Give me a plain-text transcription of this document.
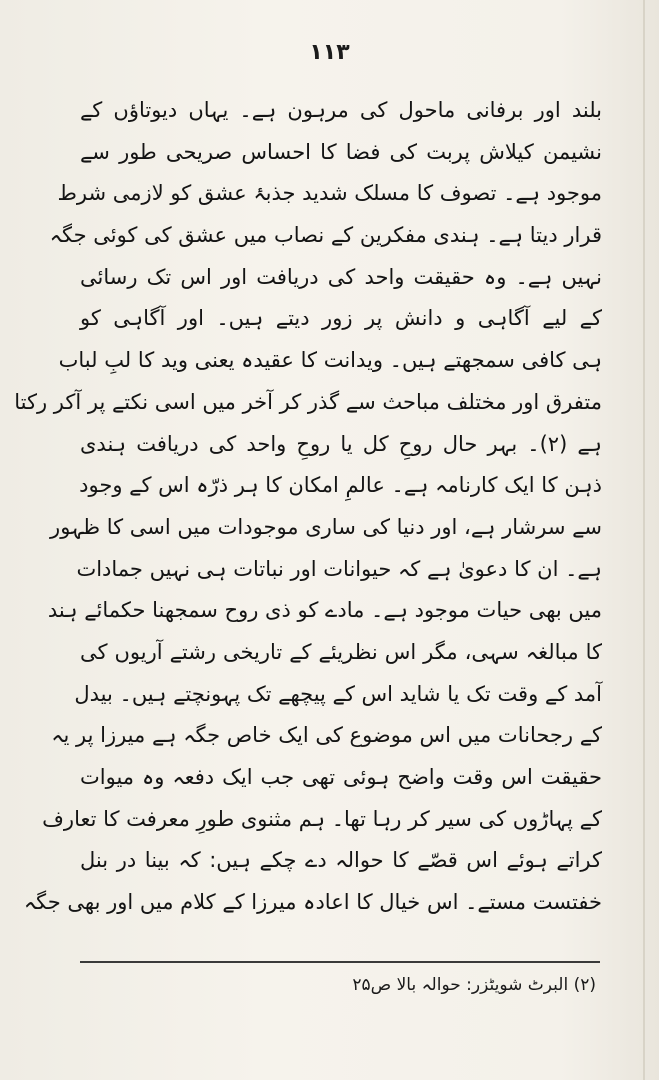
١١٣
بلند اور برفانی ماحول کی مرہون ہے۔ یہاں دیوتاؤں کے
نشیمن کیلاش پربت کی فضا کا احساس صریحی طور سے
موجود ہے۔ تصوف کا مسلک شدید جذبۂ عشق کو لازمی شرط
قرار دیتا ہے۔ ہندی مفکرین کے نصاب میں عشق کی کوئی جگہ
نہیں ہے۔ وہ حقیقت واحد کی دریافت اور اس تک رسائی
کے لیے آگاہی و دانش پر زور دیتے ہیں۔ اور آگاہی کو
ہی کافی سمجھتے ہیں۔ ویدانت کا عقیدہ یعنی وید کا لبِ لباب
متفرق اور مختلف مباحث سے گذر کر آخر میں اسی نکتے پر آکر رکتا
ہے (۲)۔ بہر حال روحِ کل یا روحِ واحد کی دریافت ہندی
ذہن کا ایک کارنامہ ہے۔ عالمِ امکان کا ہر ذرّہ اس کے وجود
سے سرشار ہے، اور دنیا کی ساری موجودات میں اسی کا ظہور
ہے۔ ان کا دعویٰ ہے کہ حیوانات اور نباتات ہی نہیں جمادات
میں بھی حیات موجود ہے۔ مادے کو ذی روح سمجھنا حکمائے ہند
کا مبالغہ سہی، مگر اس نظریئے کے تاریخی رشتے آریوں کی
آمد کے وقت تک یا شاید اس کے پیچھے تک پہونچتے ہیں۔ بیدل
کے رجحانات میں اس موضوع کی ایک خاص جگہ ہے میرزا پر یہ
حقیقت اس وقت واضح ہوئی تھی جب ایک دفعہ وہ میوات
کے پہاڑوں کی سیر کر رہا تھا۔ ہم مثنوی طورِ معرفت کا تعارف
کراتے ہوئے اس قصّے کا حوالہ دے چکے ہیں: کہ بینا در بنل
خفتست مستے۔ اس خیال کا اعادہ میرزا کے کلام میں اور بھی جگہ
(۲) البرٹ شویٹزر: حوالہ بالا ص۲۵
